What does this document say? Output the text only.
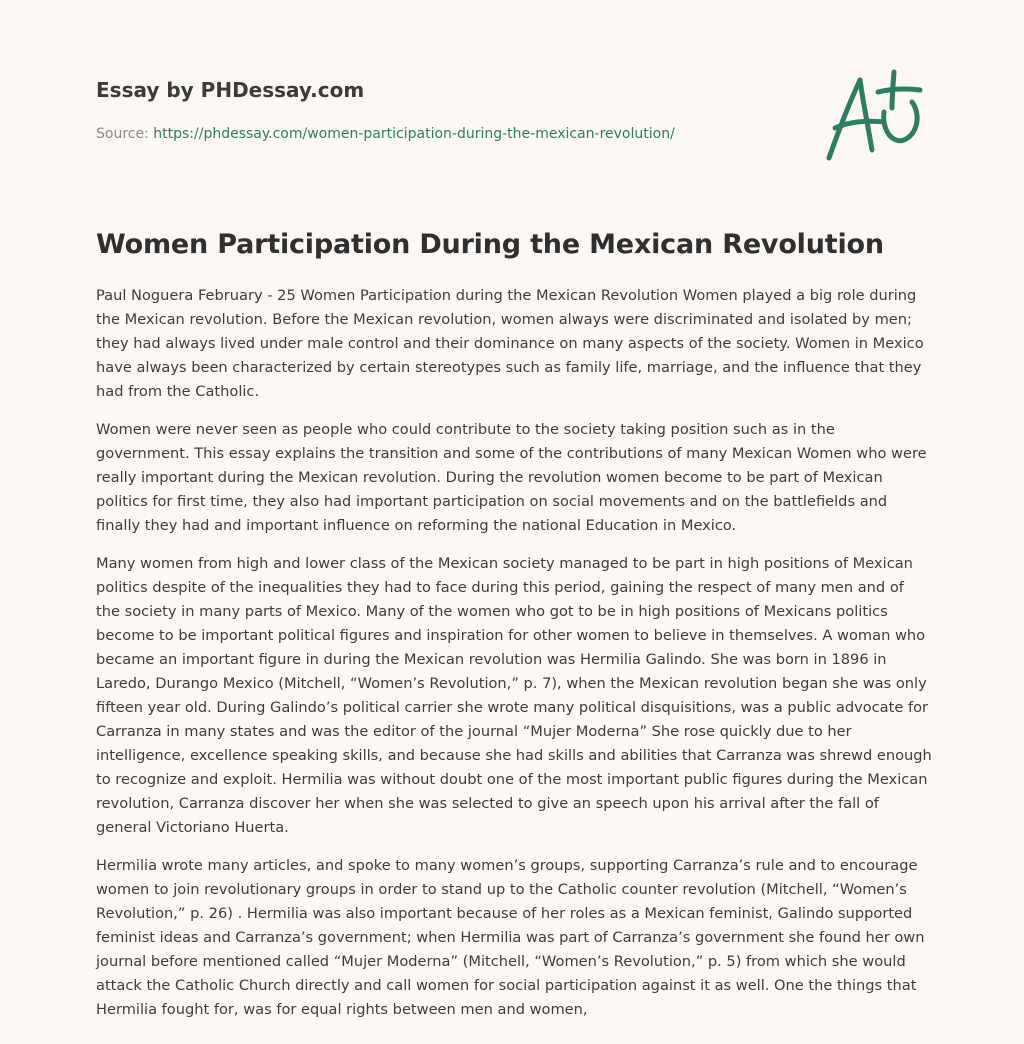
Essay by PHDessay.com
Source: https://phdessay.com/women-participation-during-the-mexican-revolution/
Women Participation During the Mexican Revolution

Paul Noguera February - 25 Women Participation during the Mexican Revolution Women played a big role during the Mexican revolution. Before the Mexican revolution, women always were discriminated and isolated by men; they had always lived under male control and their dominance on many aspects of the society. Women in Mexico have always been characterized by certain stereotypes such as family life, marriage, and the influence that they had from the Catholic.

Women were never seen as people who could contribute to the society taking position such as in the government. This essay explains the transition and some of the contributions of many Mexican Women who were really important during the Mexican revolution. During the revolution women become to be part of Mexican politics for first time, they also had important participation on social movements and on the battlefields and finally they had and important influence on reforming the national Education in Mexico.

Many women from high and lower class of the Mexican society managed to be part in high positions of Mexican politics despite of the inequalities they had to face during this period, gaining the respect of many men and of the society in many parts of Mexico. Many of the women who got to be in high positions of Mexicans politics become to be important political figures and inspiration for other women to believe in themselves. A woman who became an important figure in during the Mexican revolution was Hermilia Galindo. She was born in 1896 in Laredo, Durango Mexico (Mitchell, “Women’s Revolution,” p. 7), when the Mexican revolution began she was only fifteen year old. During Galindo’s political carrier she wrote many political disquisitions, was a public advocate for Carranza in many states and was the editor of the journal “Mujer Moderna” She rose quickly due to her intelligence, excellence speaking skills, and because she had skills and abilities that Carranza was shrewd enough to recognize and exploit. Hermilia was without doubt one of the most important public figures during the Mexican revolution, Carranza discover her when she was selected to give an speech upon his arrival after the fall of general Victoriano Huerta.

Hermilia wrote many articles, and spoke to many women’s groups, supporting Carranza’s rule and to encourage women to join revolutionary groups in order to stand up to the Catholic counter revolution (Mitchell, “Women’s Revolution,” p. 26) . Hermilia was also important because of her roles as a Mexican feminist, Galindo supported feminist ideas and Carranza’s government; when Hermilia was part of Carranza’s government she found her own journal before mentioned called “Mujer Moderna” (Mitchell, “Women’s Revolution,” p. 5) from which she would attack the Catholic Church directly and call women for social participation against it as well. One the things that Hermilia fought for, was for equal rights between men and women,
